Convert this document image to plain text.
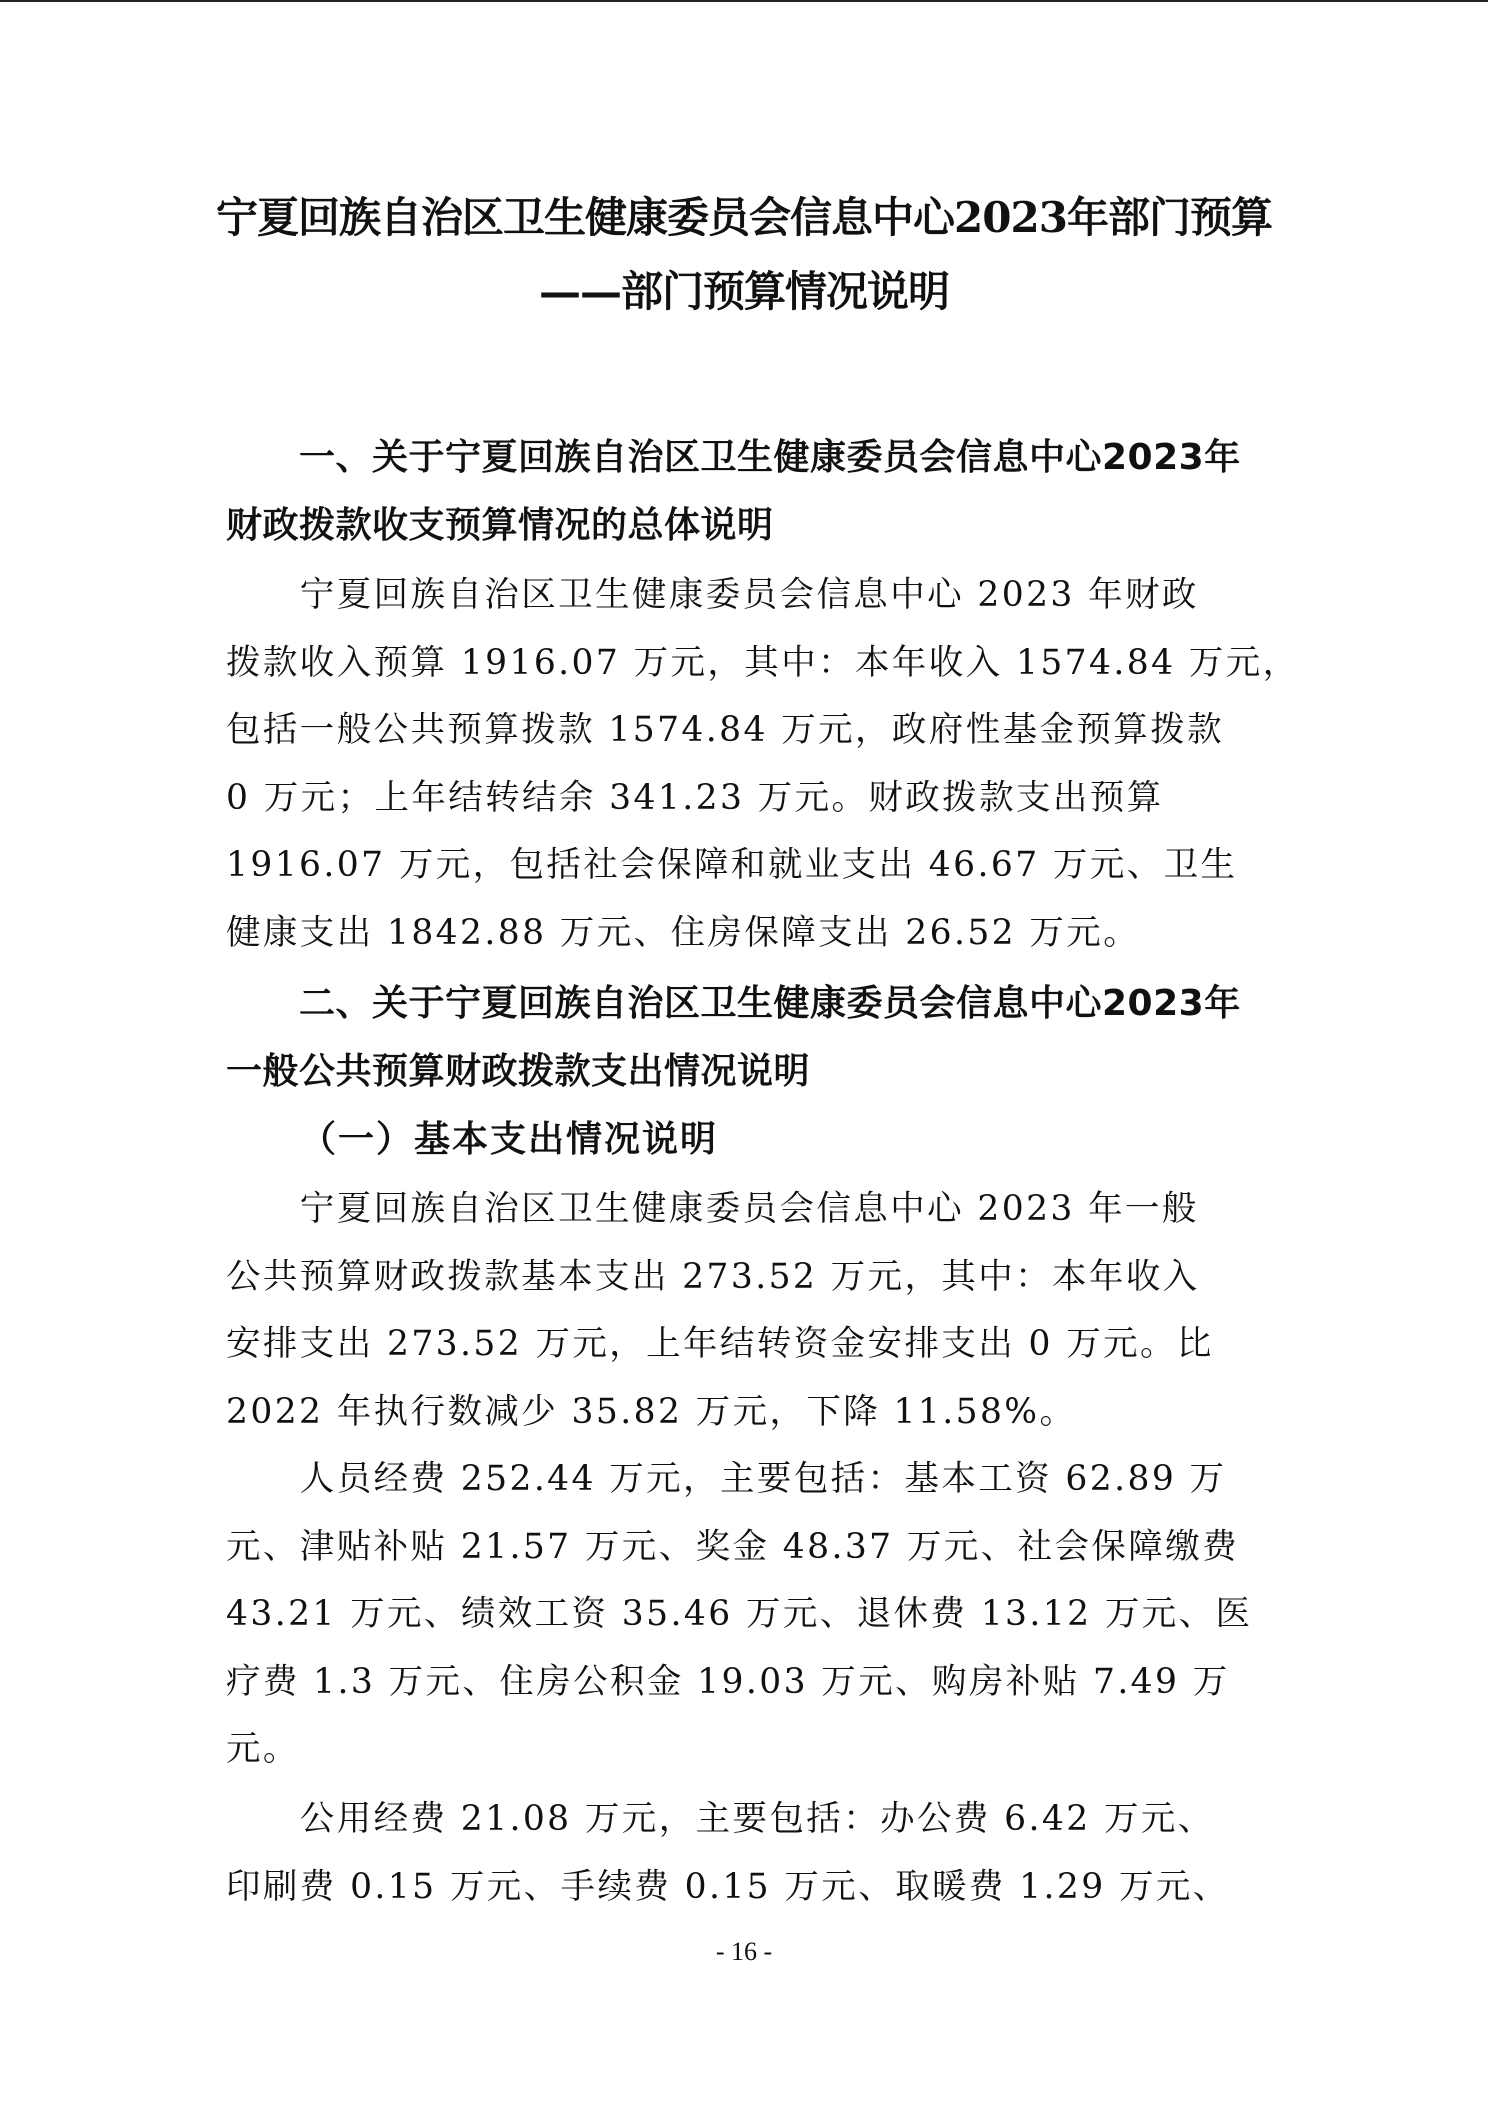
宁夏回族自治区卫生健康委员会信息中心2023年部门预算
——部门预算情况说明
　　一、关于宁夏回族自治区卫生健康委员会信息中心2023年
财政拨款收支预算情况的总体说明
　　宁夏回族自治区卫生健康委员会信息中心 2023 年财政
拨款收入预算 1916.07 万元，其中：本年收入 1574.84 万元，
包括一般公共预算拨款 1574.84 万元，政府性基金预算拨款
0 万元；上年结转结余 341.23 万元。财政拨款支出预算
1916.07 万元，包括社会保障和就业支出 46.67 万元、卫生
健康支出 1842.88 万元、住房保障支出 26.52 万元。
　　二、关于宁夏回族自治区卫生健康委员会信息中心2023年
一般公共预算财政拨款支出情况说明
（一）基本支出情况说明
　　宁夏回族自治区卫生健康委员会信息中心 2023 年一般
公共预算财政拨款基本支出 273.52 万元，其中：本年收入
安排支出 273.52 万元，上年结转资金安排支出 0 万元。比
2022 年执行数减少 35.82 万元，下降 11.58%。
　　人员经费 252.44 万元，主要包括：基本工资 62.89 万
元、津贴补贴 21.57 万元、奖金 48.37 万元、社会保障缴费
43.21 万元、绩效工资 35.46 万元、退休费 13.12 万元、医
疗费 1.3 万元、住房公积金 19.03 万元、购房补贴 7.49 万
元。
　　公用经费 21.08 万元，主要包括：办公费 6.42 万元、
印刷费 0.15 万元、手续费 0.15 万元、取暖费 1.29 万元、
- 16 -
